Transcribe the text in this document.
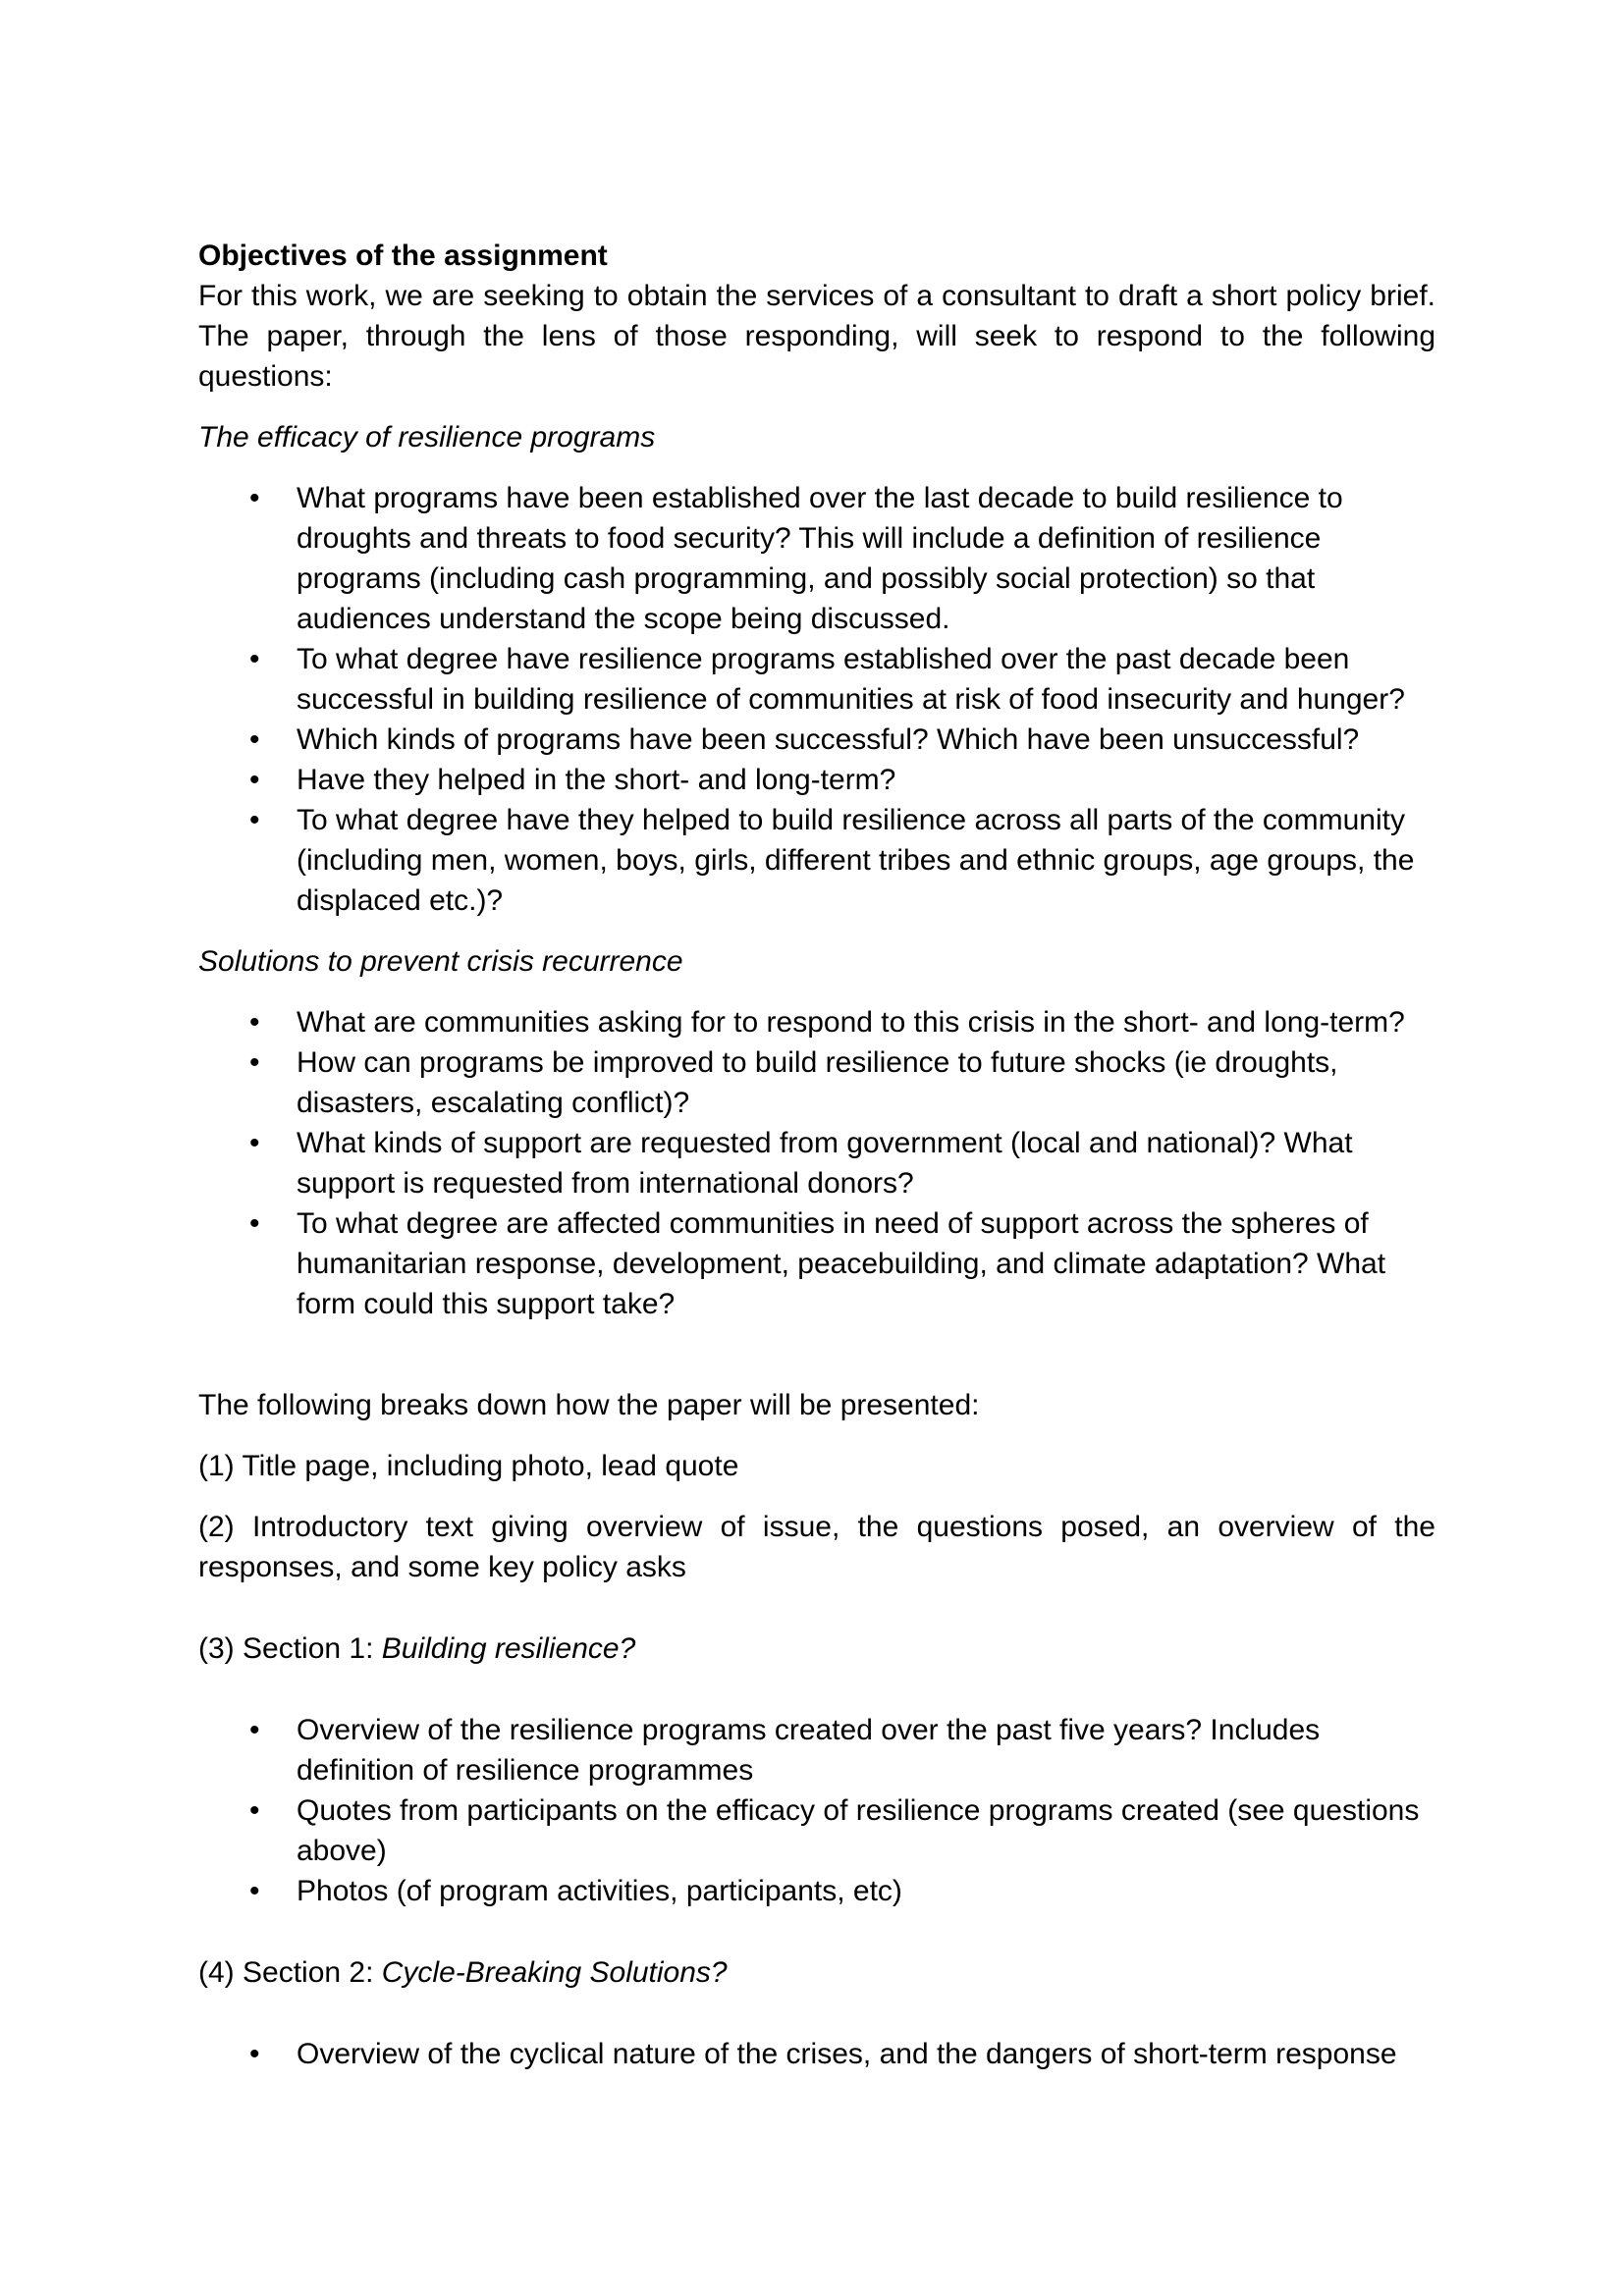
Objectives of the assignment

For this work, we are seeking to obtain the services of a consultant to draft a short policy brief. The paper, through the lens of those responding, will seek to respond to the following questions:

The efficacy of resilience programs

• What programs have been established over the last decade to build resilience to droughts and threats to food security? This will include a definition of resilience programs (including cash programming, and possibly social protection) so that audiences understand the scope being discussed.
• To what degree have resilience programs established over the past decade been successful in building resilience of communities at risk of food insecurity and hunger?
• Which kinds of programs have been successful? Which have been unsuccessful?
• Have they helped in the short- and long-term?
• To what degree have they helped to build resilience across all parts of the community (including men, women, boys, girls, different tribes and ethnic groups, age groups, the displaced etc.)?

Solutions to prevent crisis recurrence

• What are communities asking for to respond to this crisis in the short- and long-term?
• How can programs be improved to build resilience to future shocks (ie droughts, disasters, escalating conflict)?
• What kinds of support are requested from government (local and national)? What support is requested from international donors?
• To what degree are affected communities in need of support across the spheres of humanitarian response, development, peacebuilding, and climate adaptation? What form could this support take?

The following breaks down how the paper will be presented:

(1) Title page, including photo, lead quote

(2) Introductory text giving overview of issue, the questions posed, an overview of the responses, and some key policy asks

(3) Section 1: Building resilience?

• Overview of the resilience programs created over the past five years? Includes definition of resilience programmes
• Quotes from participants on the efficacy of resilience programs created (see questions above)
• Photos (of program activities, participants, etc)

(4) Section 2: Cycle-Breaking Solutions?

• Overview of the cyclical nature of the crises, and the dangers of short-term response
